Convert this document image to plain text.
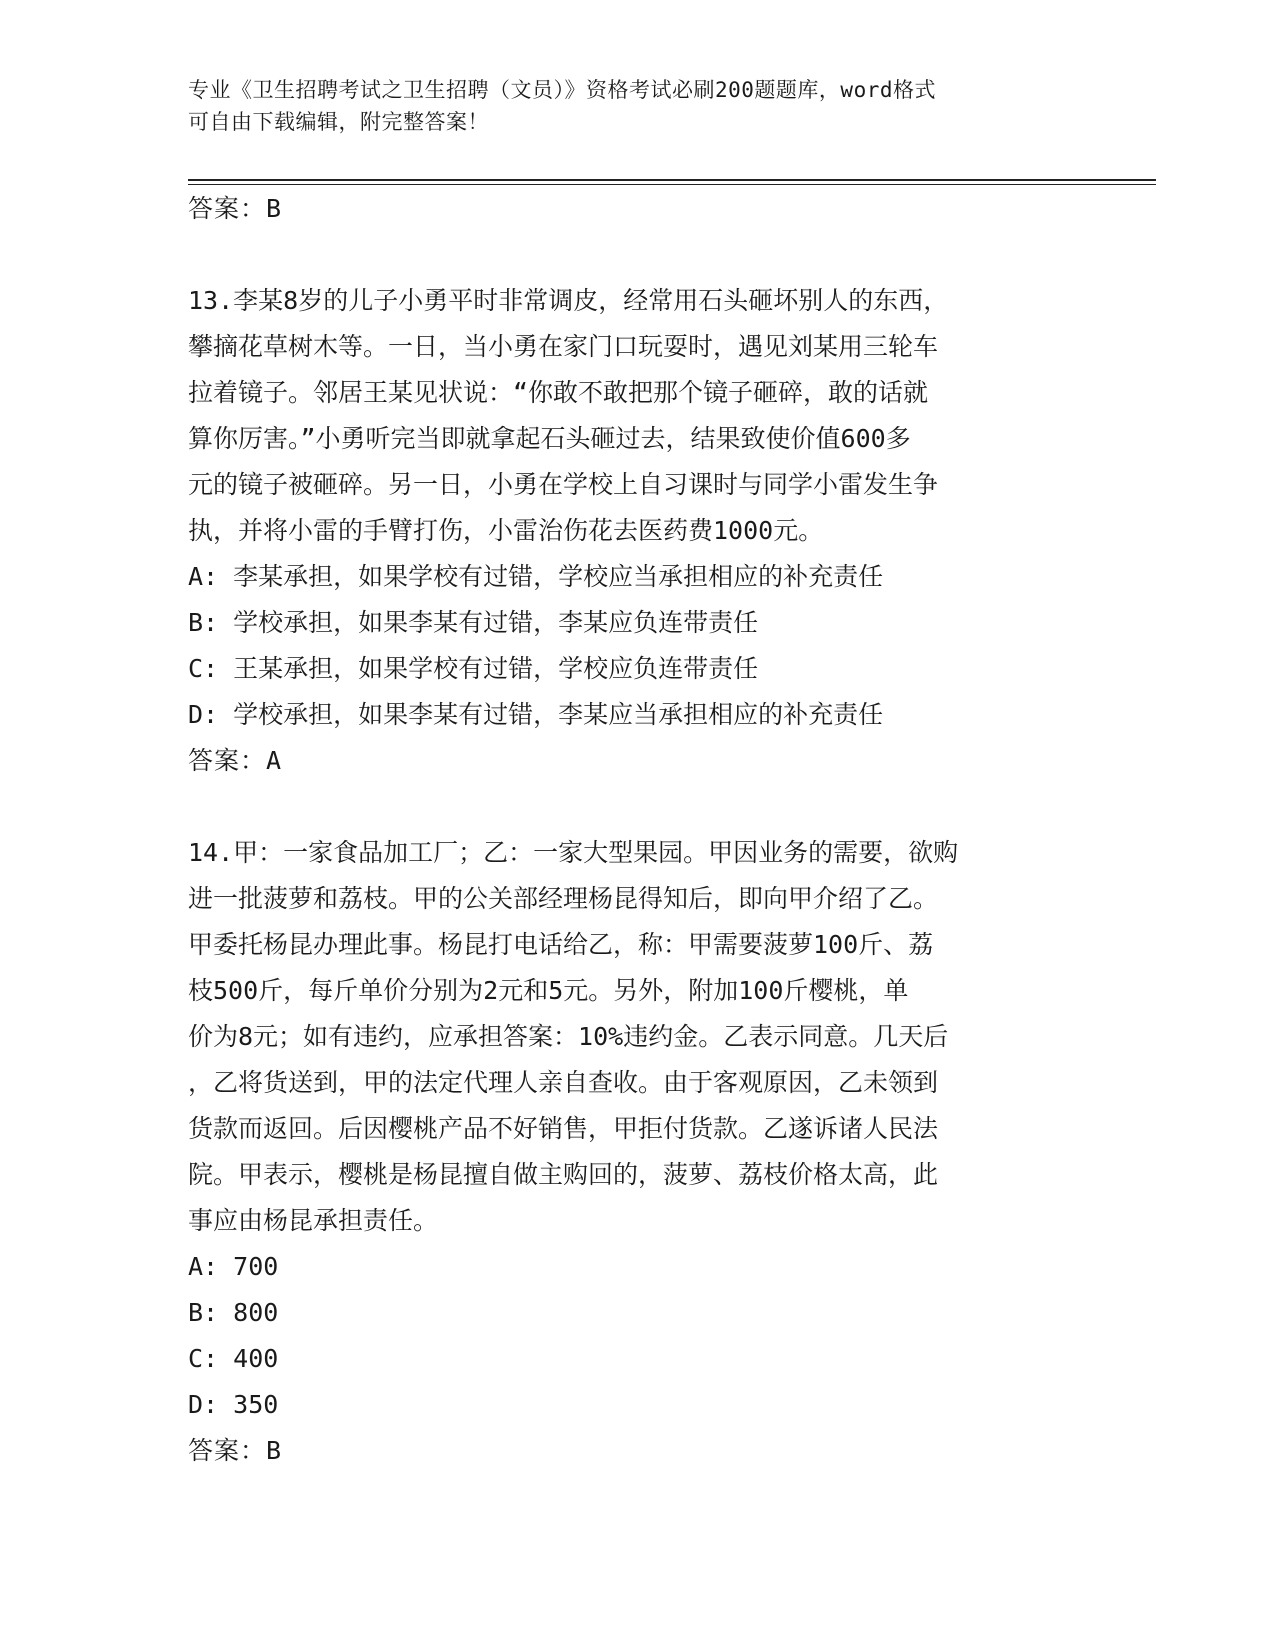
专业《卫生招聘考试之卫生招聘（文员）》资格考试必刷200题题库，word格式
可自由下载编辑，附完整答案！
答案：B
13.李某8岁的儿子小勇平时非常调皮，经常用石头砸坏别人的东西，
攀摘花草树木等。一日，当小勇在家门口玩耍时，遇见刘某用三轮车
拉着镜子。邻居王某见状说：“你敢不敢把那个镜子砸碎，敢的话就
算你厉害。”小勇听完当即就拿起石头砸过去，结果致使价值600多
元的镜子被砸碎。另一日，小勇在学校上自习课时与同学小雷发生争
执，并将小雷的手臂打伤，小雷治伤花去医药费1000元。
A: 李某承担，如果学校有过错，学校应当承担相应的补充责任
B: 学校承担，如果李某有过错，李某应负连带责任
C: 王某承担，如果学校有过错，学校应负连带责任
D: 学校承担，如果李某有过错，李某应当承担相应的补充责任
答案：A
14.甲：一家食品加工厂；乙：一家大型果园。甲因业务的需要，欲购
进一批菠萝和荔枝。甲的公关部经理杨昆得知后，即向甲介绍了乙。
甲委托杨昆办理此事。杨昆打电话给乙，称：甲需要菠萝100斤、荔
枝500斤，每斤单价分别为2元和5元。另外，附加100斤樱桃，单
价为8元；如有违约，应承担答案：10%违约金。乙表示同意。几天后
，乙将货送到，甲的法定代理人亲自查收。由于客观原因，乙未领到
货款而返回。后因樱桃产品不好销售，甲拒付货款。乙遂诉诸人民法
院。甲表示，樱桃是杨昆擅自做主购回的，菠萝、荔枝价格太高，此
事应由杨昆承担责任。
A: 700
B: 800
C: 400
D: 350
答案：B
